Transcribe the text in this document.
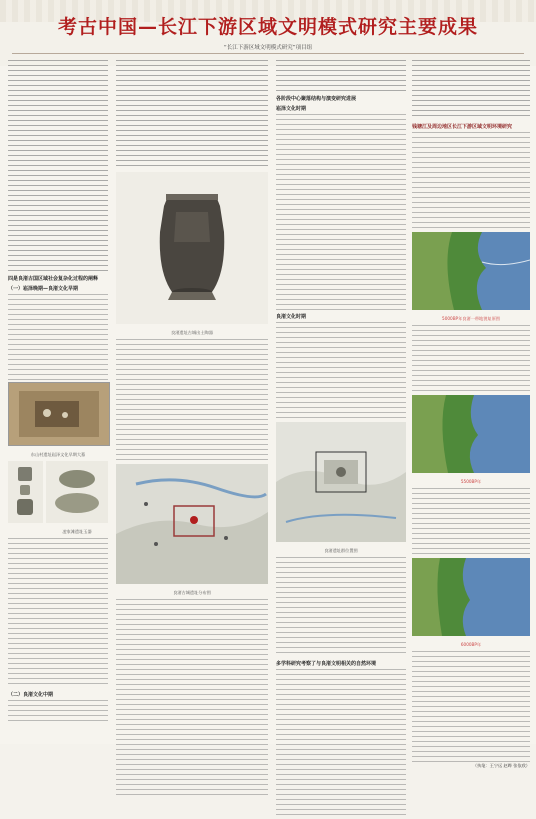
考古中国—长江下游区域文明模式研究主要成果
“长江下游区域文明模式研究”项目组
四是良渚古国区域社会复杂化过程的阐释
（一）崧泽晚期—良渚文化早期
东山村遗址崧泽文化早期大墓
凌家滩遗址玉器
（二）良渚文化中期
良渚遗址古城出土陶器
良渚古城遗址分布图
各阶段中心聚落结构与演变研究进展
崧泽文化时期
良渚文化时期
良渚遗址群位置图
多学科研究考察了与良渚文明相关的自然环境
钱塘江及周边地区长江下游区域文明环境研究
5000BP年良渚一带地貌复原图
5500BP年
6000BP年
（执笔：王宁远 赵晔 张依欣）
